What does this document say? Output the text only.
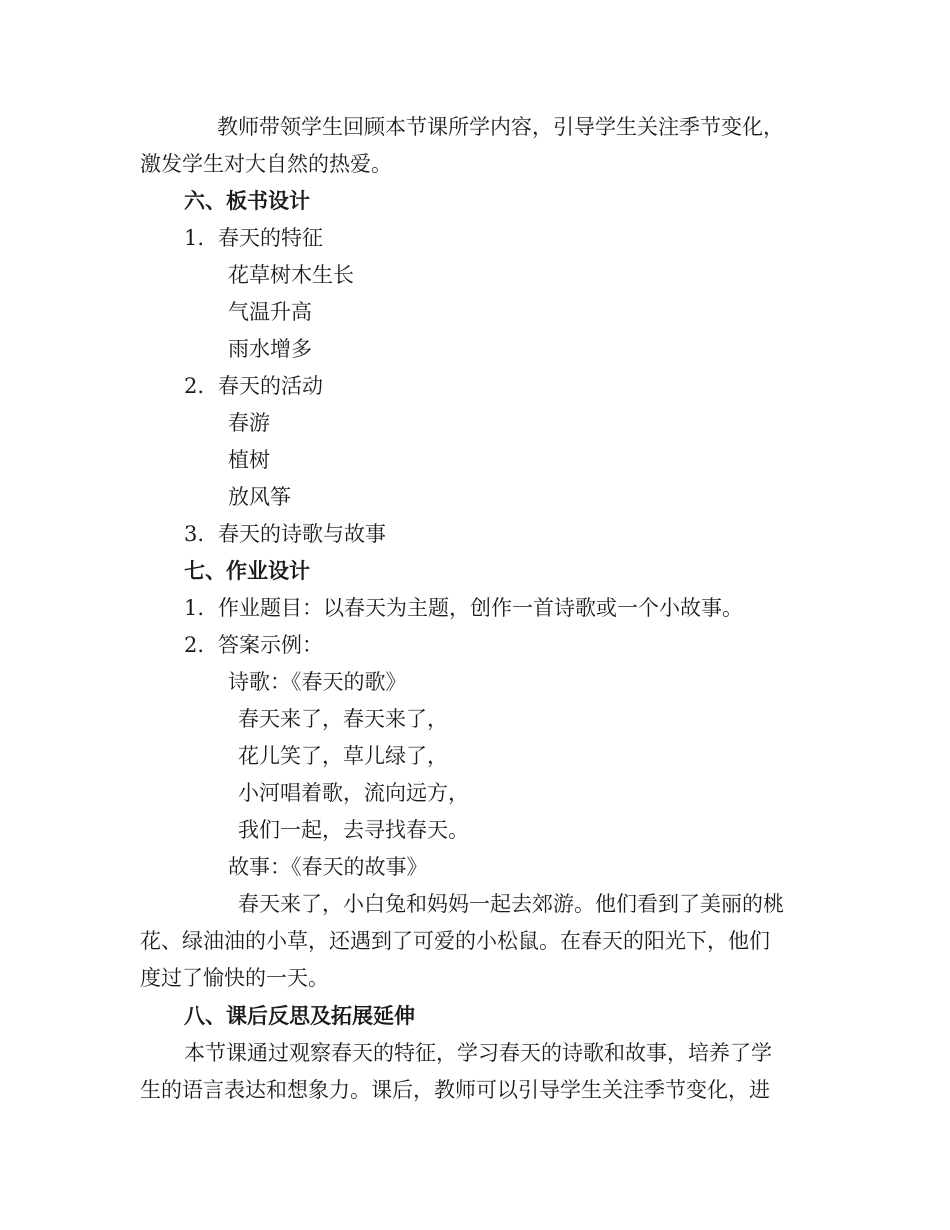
教师带领学生回顾本节课所学内容，引导学生关注季节变化，
激发学生对大自然的热爱。
六、板书设计
1. 春天的特征
花草树木生长
气温升高
雨水增多
2. 春天的活动
春游
植树
放风筝
3. 春天的诗歌与故事
七、作业设计
1. 作业题目：以春天为主题，创作一首诗歌或一个小故事。
2. 答案示例：
诗歌：《春天的歌》
春天来了，春天来了，
花儿笑了，草儿绿了，
小河唱着歌，流向远方，
我们一起，去寻找春天。
故事：《春天的故事》
春天来了，小白兔和妈妈一起去郊游。他们看到了美丽的桃
花、绿油油的小草，还遇到了可爱的小松鼠。在春天的阳光下，他们
度过了愉快的一天。
八、课后反思及拓展延伸
本节课通过观察春天的特征，学习春天的诗歌和故事，培养了学
生的语言表达和想象力。课后，教师可以引导学生关注季节变化，进
